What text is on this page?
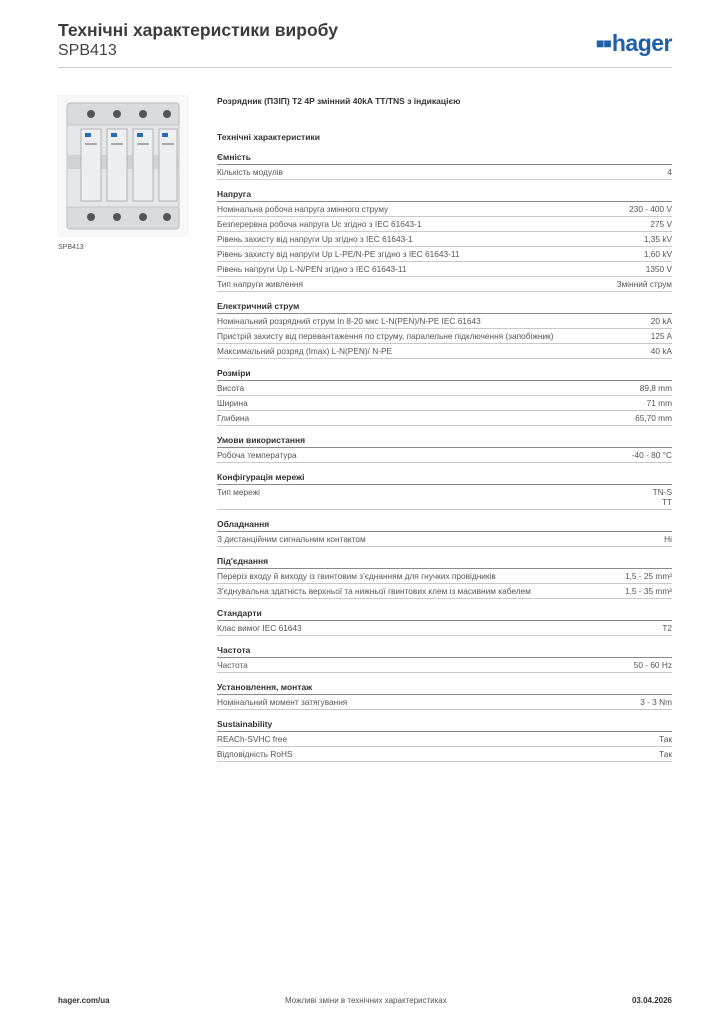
Технічні характеристики виробу
SPB413	■■hager
SPB413
Розрядник (ПЗІП) Т2 4P змінний 40kA TT/TNS з індикацією
Технічні характеристики
Ємність
Кількість модулів	4
Напруга
Номінальна робоча напруга змінного струму	230 - 400 V
Безперервна робоча напруга Uc згідно з IEC 61643-1	275 V
Рівень захисту від напруги Up згідно з IEC 61643-1	1,35 kV
Рівень захисту від напруги Up L-PE/N-PE згідно з IEC 61643-11	1,60 kV
Рівень напруги Up L-N/PEN згідно з IEC 61643-11	1350 V
Тип напруги живлення	Змінний струм
Електричний струм
Номінальний розрядний струм In 8-20 мкс L-N(PEN)/N-PE IEC 61643	20 kA
Пристрій захисту від перевантаження по струму, паралельне підключення (запобіжник)	125 A
Максимальний розряд (Imax) L-N(PEN)/ N-PE	40 kA
Розміри
Висота	89,8 mm
Ширина	71 mm
Глибина	65,70 mm
Умови використання
Робоча температура	-40 - 80 °C
Конфігурація мережі
Тип мережі	TN-S
TT
Обладнання
З дистанційним сигнальним контактом	Ні
Під'єднання
Переріз входу й виходу із гвинтовим з'єднанням для гнучких провідників	1,5 - 25 mm²
З'єднувальна здатність верхньої та нижньої гвинтових клем із масивним кабелем	1,5 - 35 mm²
Стандарти
Клас вимог IEC 61643	T2
Частота
Частота	50 - 60 Hz
Установлення, монтаж
Номінальний момент затягування	3 - 3 Nm
Sustainability
REACh-SVHC free	Так
Відповідність RoHS	Так
hager.com/ua	Можливі зміни в технічних характеристиках	03.04.2026
